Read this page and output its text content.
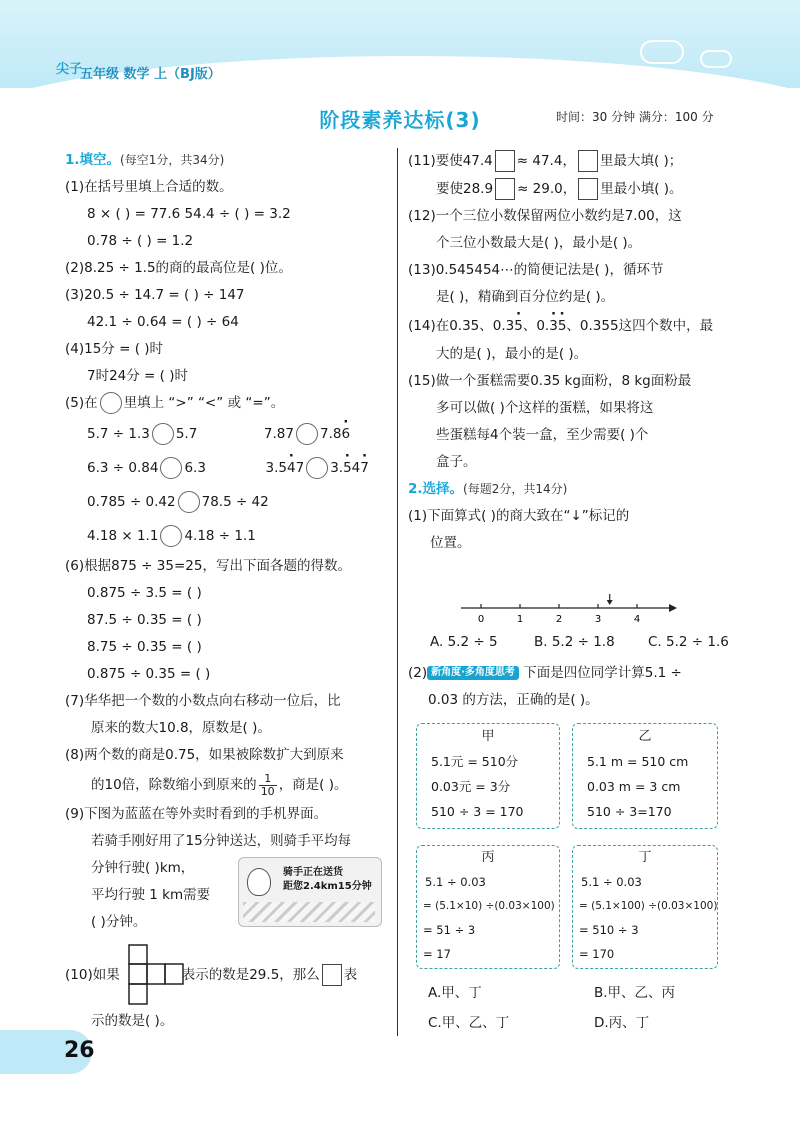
尖子
五年级 数学 上（BJ版）
阶段素养达标(3)	时间：30 分钟 满分：100 分
1.填空。(每空1分，共34分)
(1)在括号里填上合适的数。
8 × ( ) = 77.6 54.4 ÷ ( ) = 3.2
0.78 ÷ ( ) = 1.2
(2)8.25 ÷ 1.5的商的最高位是( )位。
(3)20.5 ÷ 14.7 = ( ) ÷ 147
42.1 ÷ 0.64 = ( ) ÷ 64
(4)15分 = ( )时
7时24分 = ( )时
(5)在 里填上 “>” “<” 或 “=”。
5.7 ÷ 1.3 5.7	7.87 7.86 ·
6.3 ÷ 0.84 6.3	3.54 ·7 3.5 ·47 ·
0.785 ÷ 0.42 78.5 ÷ 42
4.18 × 1.1 4.18 ÷ 1.1
(6)根据875 ÷ 35=25，写出下面各题的得数。
0.875 ÷ 3.5 = ( )
87.5 ÷ 0.35 = ( )
8.75 ÷ 0.35 = ( )
0.875 ÷ 0.35 = ( )
(7)华华把一个数的小数点向右移动一位后，比
原来的数大10.8，原数是( )。
(8)两个数的商是0.75，如果被除数扩大到原来
的10倍，除数缩小到原来的 $\frac{1}{10}$ ，商是( )。
(9)下图为蓝蓝在等外卖时看到的手机界面。
若骑手刚好用了15分钟送达，则骑手平均每
分钟行驶( )km，
平均行驶 1 km需要
( )分钟。
骑手正在送货
距您2.4km15分钟
(10)如果	表示的数是29.5，那么 表
示的数是( )。
(11)要使47.4 ≈ 47.4， 里最大填( )；
要使28.9 ≈ 29.0， 里最小填( )。
(12)一个三位小数保留两位小数约是7.00，这
个三位小数最大是( )，最小是( )。
(13)0.545454⋯的简便记法是( )，循环节
是( )，精确到百分位约是( )。
(14)在0.35、0.35 ·、0.3 ·5 ·、0.355这四个数中，最
大的是( )，最小的是( )。
(15)做一个蛋糕需要0.35 kg面粉，8 kg面粉最
多可以做( )个这样的蛋糕，如果将这
些蛋糕每4个装一盒，至少需要( )个
盒子。
2.选择。(每题2分，共14分)
(1)下面算式( )的商大致在“↓”标记的
位置。
0	1	2	3	4
A. 5.2 ÷ 5	B. 5.2 ÷ 1.8 C. 5.2 ÷ 1.6
(2) 新角度·多角度思考 下面是四位同学计算5.1 ÷
0.03 的方法，正确的是( )。
甲
5.1元 = 510分
0.03元 = 3分
510 ÷ 3 = 170
乙
5.1 m = 510 cm
0.03 m = 3 cm
510 ÷ 3=170
丙
5.1 ÷ 0.03
= (5.1×10) ÷(0.03×100)
= 51 ÷ 3
= 17
丁
5.1 ÷ 0.03
= (5.1×100) ÷(0.03×100)
= 510 ÷ 3
= 170
A.甲、丁	B.甲、乙、丙
C.甲、乙、丁	D.丙、丁
26
